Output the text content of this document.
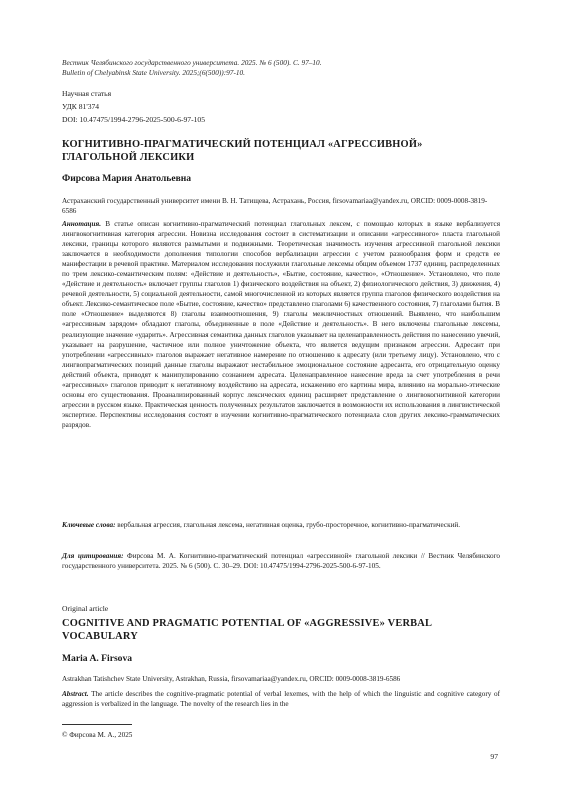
Вестник Челябинского государственного университета. 2025. № 6 (500). С. 97–10.
Bulletin of Chelyabinsk State University. 2025;(6(500)):97-10.
Научная статья
УДК 81'374
DOI: 10.47475/1994-2796-2025-500-6-97-105
КОГНИТИВНО-ПРАГМАТИЧЕСКИЙ ПОТЕНЦИАЛ «АГРЕССИВНОЙ» ГЛАГОЛЬНОЙ ЛЕКСИКИ
Фирсова Мария Анатольевна
Астраханский государственный университет имени В. Н. Татищева, Астрахань, Россия, firsovamariaa@yandex.ru, ORCID: 0009-0008-3819-6586
Аннотация. В статье описан когнитивно-прагматический потенциал глагольных лексем, с помощью которых в языке вербализуется лингвокогнитивная категория агрессии. Новизна исследования состоит в систематизации и описании «агрессивного» пласта глагольной лексики, границы которого являются размытыми и подвижными. Теоретическая значимость изучения агрессивной глагольной лексики заключается в необходимости дополнения типологии способов вербализации агрессии с учетом разнообразия форм и средств ее манифестации в речевой практике. Материалом исследования послужили глагольные лексемы общим объемом 1737 единиц, распределенных по трем лексико-семантическим полям: «Действие и деятельность», «Бытие, состояние, качество», «Отношение». Установлено, что поле «Действие и деятельность» включает группы глаголов 1) физического воздействия на объект, 2) физиологического действия, 3) движения, 4) речевой деятельности, 5) социальной деятельности, самой многочисленной из которых является группа глаголов физического воздействия на объект. Лексико-семантическое поле «Бытие, состояние, качество» представлено глаголами 6) качественного состояния, 7) глаголами бытия. В поле «Отношение» выделяются 8) глаголы взаимоотношения, 9) глаголы межличностных отношений. Выявлено, что наибольшим «агрессивным зарядом» обладают глаголы, объединенные в поле «Действие и деятельность». В него включены глагольные лексемы, реализующие значение «ударить». Агрессивная семантика данных глаголов указывает на целенаправленность действия по нанесению увечий, указывает на разрушение, частичное или полное уничтожение объекта, что является ведущим признаком агрессии. Адресант при употреблении «агрессивных» глаголов выражает негативное намерение по отношению к адресату (или третьему лицу). Установлено, что с лингвопрагматических позиций данные глаголы выражают нестабильное эмоциональное состояние адресанта, его отрицательную оценку действий объекта, приводят к манипулированию сознанием адресата. Целенаправленное нанесение вреда за счет употребления в речи «агрессивных» глаголов приводит к негативному воздействию на адресата, искажению его картины мира, влиянию на морально-этические основы его существования. Проанализированный корпус лексических единиц расширяет представление о лингвокогнитивной категории агрессии в русском языке. Практическая ценность полученных результатов заключается в возможности их использования в лингвистической экспертизе. Перспективы исследования состоят в изучении когнитивно-прагматического потенциала слов других лексико-грамматических разрядов.
Ключевые слова: вербальная агрессия, глагольная лексема, негативная оценка, грубо-просторечное, когнитивно-прагматический.
Для цитирования: Фирсова М. А. Когнитивно-прагматический потенциал «агрессивной» глагольной лексики // Вестник Челябинского государственного университета. 2025. № 6 (500). С. 30–29. DOI: 10.47475/1994-2796-2025-500-6-97-105.
Original article
COGNITIVE AND PRAGMATIC POTENTIAL OF «AGGRESSIVE» VERBAL VOCABULARY
Maria A. Firsova
Astrakhan Tatishchev State University, Astrakhan, Russia, firsovamariaa@yandex.ru, ORCID: 0009-0008-3819-6586
Abstract. The article describes the cognitive-pragmatic potential of verbal lexemes, with the help of which the linguistic and cognitive category of aggression is verbalized in the language. The novelty of the research lies in the
© Фирсова М. А., 2025
97
